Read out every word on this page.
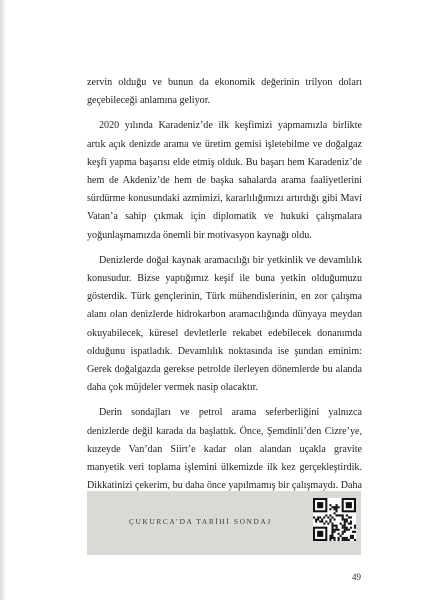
zervin olduğu ve bunun da ekonomik değerinin trilyon doları geçebileceği anlamına geliyor.

2020 yılında Karadeniz’de ilk keşfimizi yapmamızla birlikte artık açık denizde arama ve üretim gemisi işletebilme ve doğalgaz keşfi yapma başarısı elde etmiş olduk. Bu başarı hem Karadeniz’de hem de Akdeniz’de hem de başka sahalarda arama faaliyetlerini sürdürme konusundaki azmimizi, kararlılığımızı artırdığı gibi Mavi Vatan’a sahip çıkmak için diplomatik ve hukuki çalışmalara yoğunlaşmamızda önemli bir motivasyon kaynağı oldu.

Denizlerde doğal kaynak aramacılığı bir yetkinlik ve devamlılık konusudur. Bizse yaptığımız keşif ile buna yetkin olduğumuzu gösterdik. Türk gençlerinin, Türk mühendislerinin, en zor çalışma alanı olan denizlerde hidrokarbon aramacılığında dünyaya meydan okuyabilecek, küresel devletlerle rekabet edebilecek donanımda olduğunu ispatladık. Devamlılık noktasında ise şundan eminim: Gerek doğalgazda gerekse petrolde ilerleyen dönemlerde bu alanda daha çok müjdeler vermek nasip olacaktır.

Derin sondajları ve petrol arama seferberliğini yalnızca denizlerde değil karada da başlattık. Önce, Şemdinli’den Cizre’ye, kuzeyde Van’dan Siirt’e kadar olan alandan uçakla gravite manyetik veri toplama işlemini ülkemizde ilk kez gerçekleştirdik. Dikkatinizi çekerim, bu daha önce yapılmamış bir çalışmaydı. Daha

ÇUKURCA’DA TARİHİ SONDAJ
49
